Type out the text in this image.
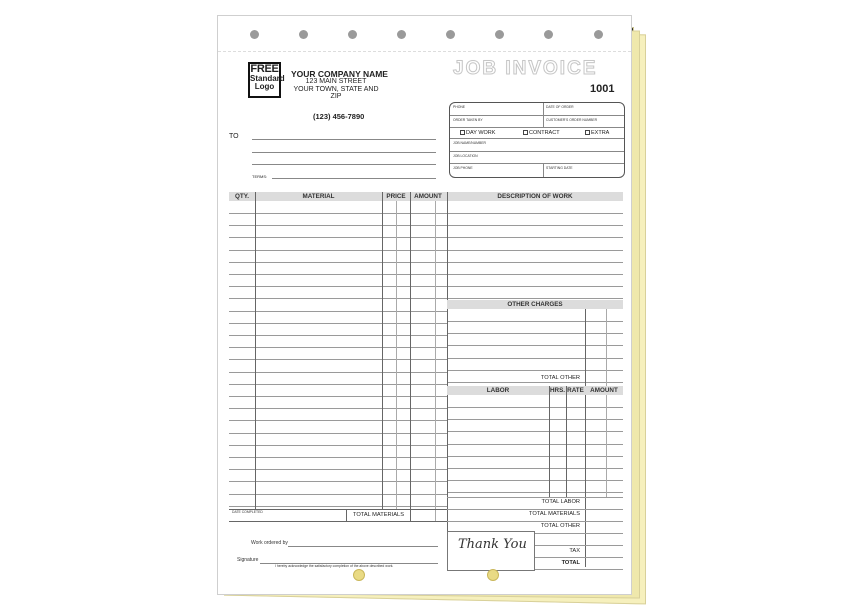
FREE
Standard
Logo
YOUR COMPANY NAME
123 MAIN STREET
YOUR TOWN, STATE AND ZIP
(123) 456-7890
JOB INVOICE
1001
PHONE	DATE OF ORDER
ORDER TAKEN BY	CUSTOMER'S ORDER NUMBER
DAY WORK	CONTRACT	EXTRA
JOB NAME/NUMBER
JOB LOCATION
JOB PHONE	STARTING DATE
TO
TERMS:
QTY.	MATERIAL	PRICE	AMOUNT	DESCRIPTION OF WORK
DATE COMPLETED	TOTAL MATERIALS
OTHER CHARGES
TOTAL OTHER
LABOR	HRS. RATE	AMOUNT
TOTAL LABOR
TOTAL MATERIALS
TOTAL OTHER
TAX
TOTAL
Thank You
Work ordered by
Signature
I hereby acknowledge the satisfactory completion of the above described work.
